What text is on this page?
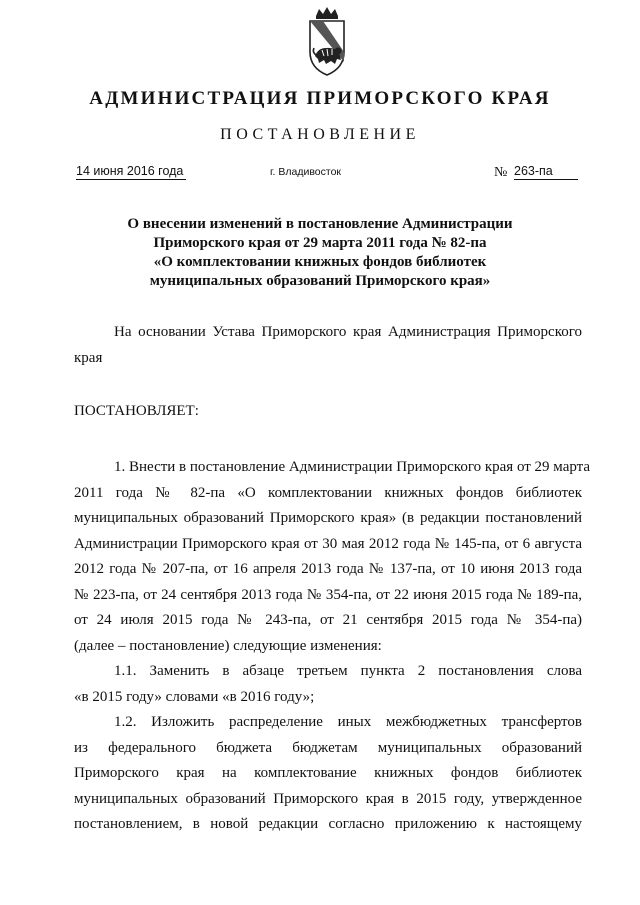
АДМИНИСТРАЦИЯ ПРИМОРСКОГО КРАЯ
ПОСТАНОВЛЕНИЕ
14 июня 2016 года	г. Владивосток	№ 263-па
О внесении изменений в постановление Администрации
Приморского края от 29 марта 2011 года № 82-па
«О комплектовании книжных фондов библиотек
муниципальных образований Приморского края»
На основании Устава Приморского края Администрация Приморского края
ПОСТАНОВЛЯЕТ:
1. Внести в постановление Администрации Приморского края от 29 марта
2011 года № 82-па «О комплектовании книжных фондов библиотек
муниципальных образований Приморского края» (в редакции постановлений
Администрации Приморского края от 30 мая 2012 года № 145-па, от 6 августа
2012 года № 207-па, от 16 апреля 2013 года № 137-па, от 10 июня 2013 года
№ 223-па, от 24 сентября 2013 года № 354-па, от 22 июня 2015 года № 189-па,
от 24 июля 2015 года № 243-па, от 21 сентября 2015 года № 354-па)
(далее – постановление) следующие изменения:
1.1. Заменить в абзаце третьем пункта 2 постановления слова
«в 2015 году» словами «в 2016 году»;
1.2. Изложить распределение иных межбюджетных трансфертов
из федерального бюджета бюджетам муниципальных образований
Приморского края на комплектование книжных фондов библиотек
муниципальных образований Приморского края в 2015 году, утвержденное
постановлением, в новой редакции согласно приложению к настоящему
